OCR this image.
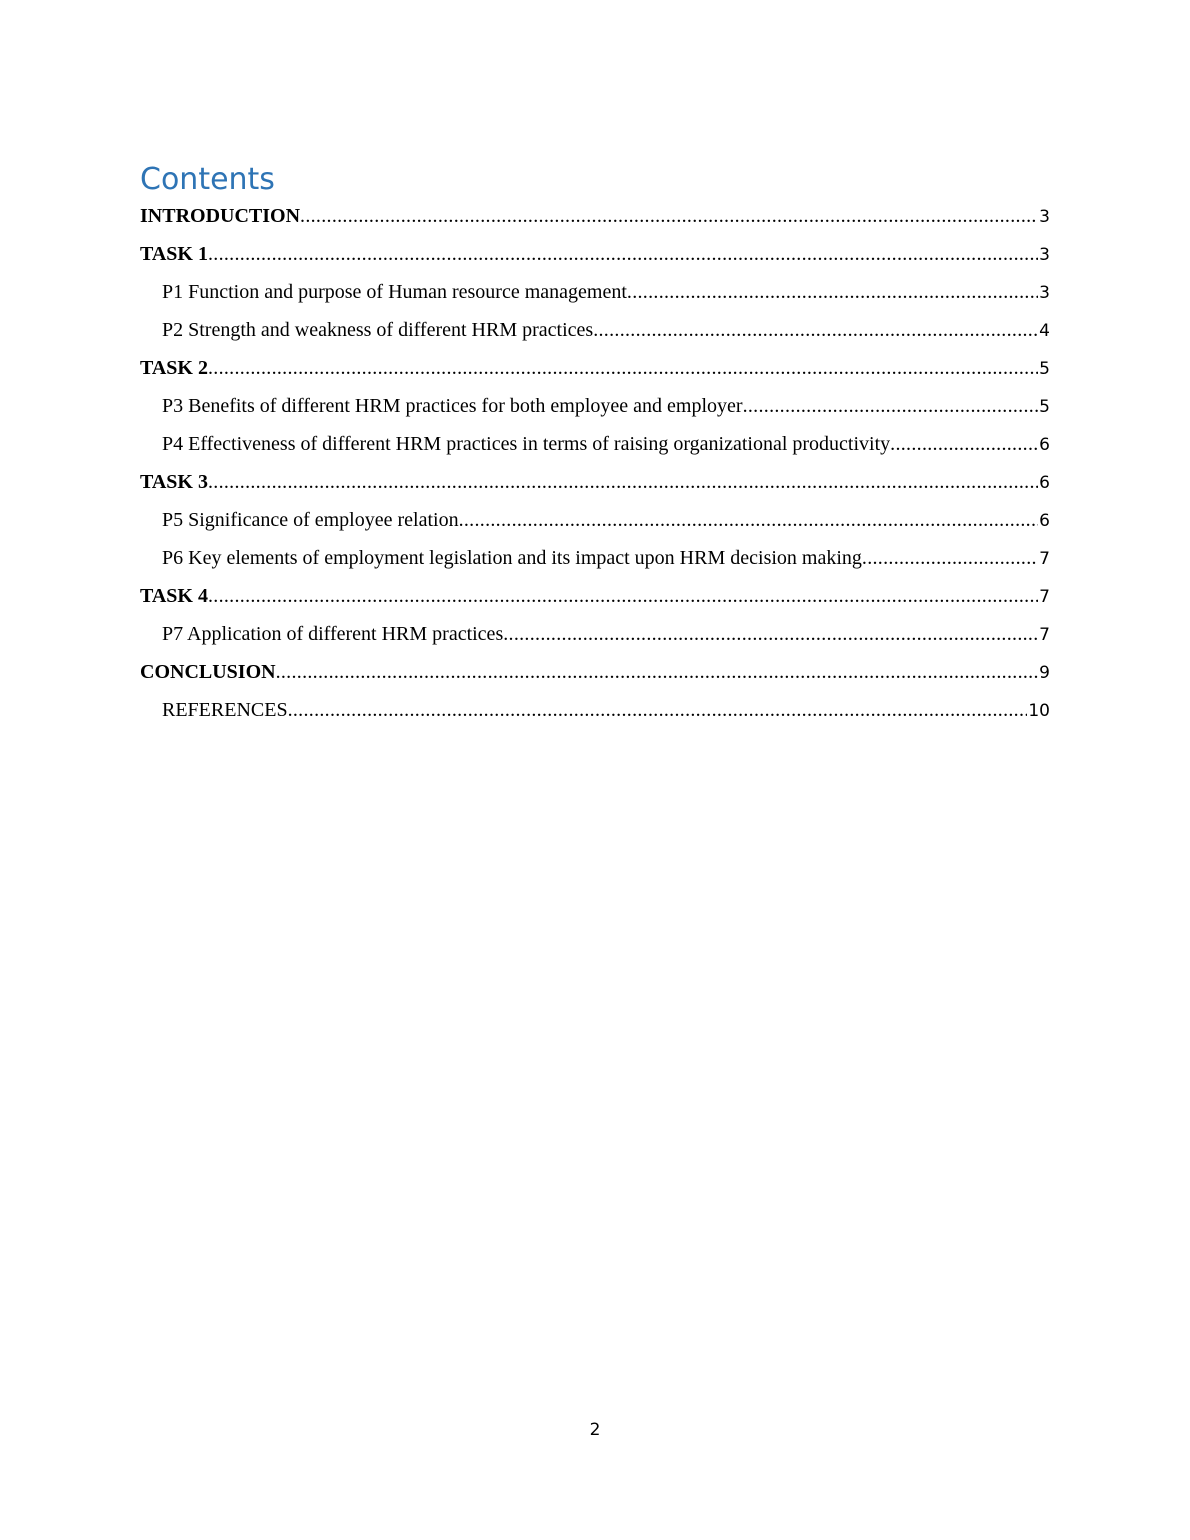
Contents
INTRODUCTION .....	3
TASK 1 .....	3
P1 Function and purpose of Human resource management .....	3
P2 Strength and weakness of different HRM practices .....	4
TASK 2 .....	5
P3 Benefits of different HRM practices for both employee and employer .....	5
P4 Effectiveness of different HRM practices in terms of raising organizational productivity .....	6
TASK 3 .....	6
P5 Significance of employee relation .....	6
P6 Key elements of employment legislation and its impact upon HRM decision making .....	7
TASK 4 .....	7
P7 Application of different HRM practices .....	7
CONCLUSION .....	9
REFERENCES .....	10
2
